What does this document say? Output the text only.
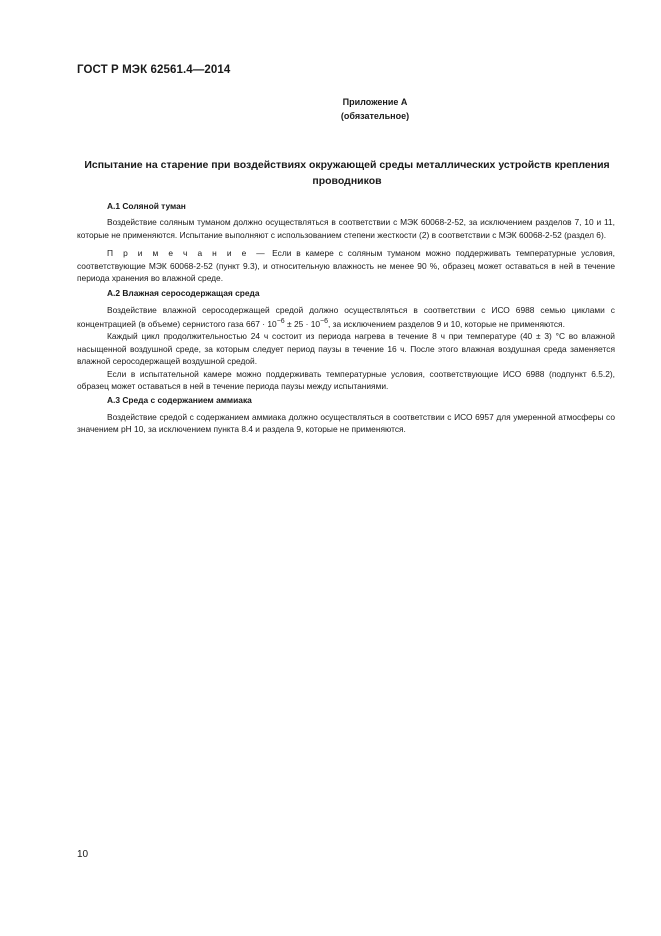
ГОСТ Р МЭК 62561.4—2014
Приложение А
(обязательное)
Испытание на старение при воздействиях окружающей среды металлических устройств крепления проводников
А.1 Соляной туман

Воздействие соляным туманом должно осуществляться в соответствии с МЭК 60068-2-52, за исключением разделов 7, 10 и 11, которые не применяются. Испытание выполняют с использованием степени жесткости (2) в соответствии с МЭК 60068-2-52 (раздел 6).

П р и м е ч а н и е — Если в камере с соляным туманом можно поддерживать температурные условия, соответствующие МЭК 60068-2-52 (пункт 9.3), и относительную влажность не менее 90 %, образец может оставаться в ней в течение периода хранения во влажной среде.

А.2 Влажная серосодержащая среда

Воздействие влажной серосодержащей средой должно осуществляться в соответствии с ИСО 6988 семью циклами с концентрацией (в объеме) сернистого газа $667 \cdot 10^{-6} \pm 25 \cdot 10^{-6}$, за исключением разделов 9 и 10, которые не применяются.

Каждый цикл продолжительностью 24 ч состоит из периода нагрева в течение 8 ч при температуре (40 ± 3) °С во влажной насыщенной воздушной среде, за которым следует период паузы в течение 16 ч. После этого влажная воздушная среда заменяется влажной серосодержащей воздушной средой.

Если в испытательной камере можно поддерживать температурные условия, соответствующие ИСО 6988 (подпункт 6.5.2), образец может оставаться в ней в течение периода паузы между испытаниями.

А.3 Среда с содержанием аммиака

Воздействие средой с содержанием аммиака должно осуществляться в соответствии с ИСО 6957 для умеренной атмосферы со значением pH 10, за исключением пункта 8.4 и раздела 9, которые не применяются.

10
